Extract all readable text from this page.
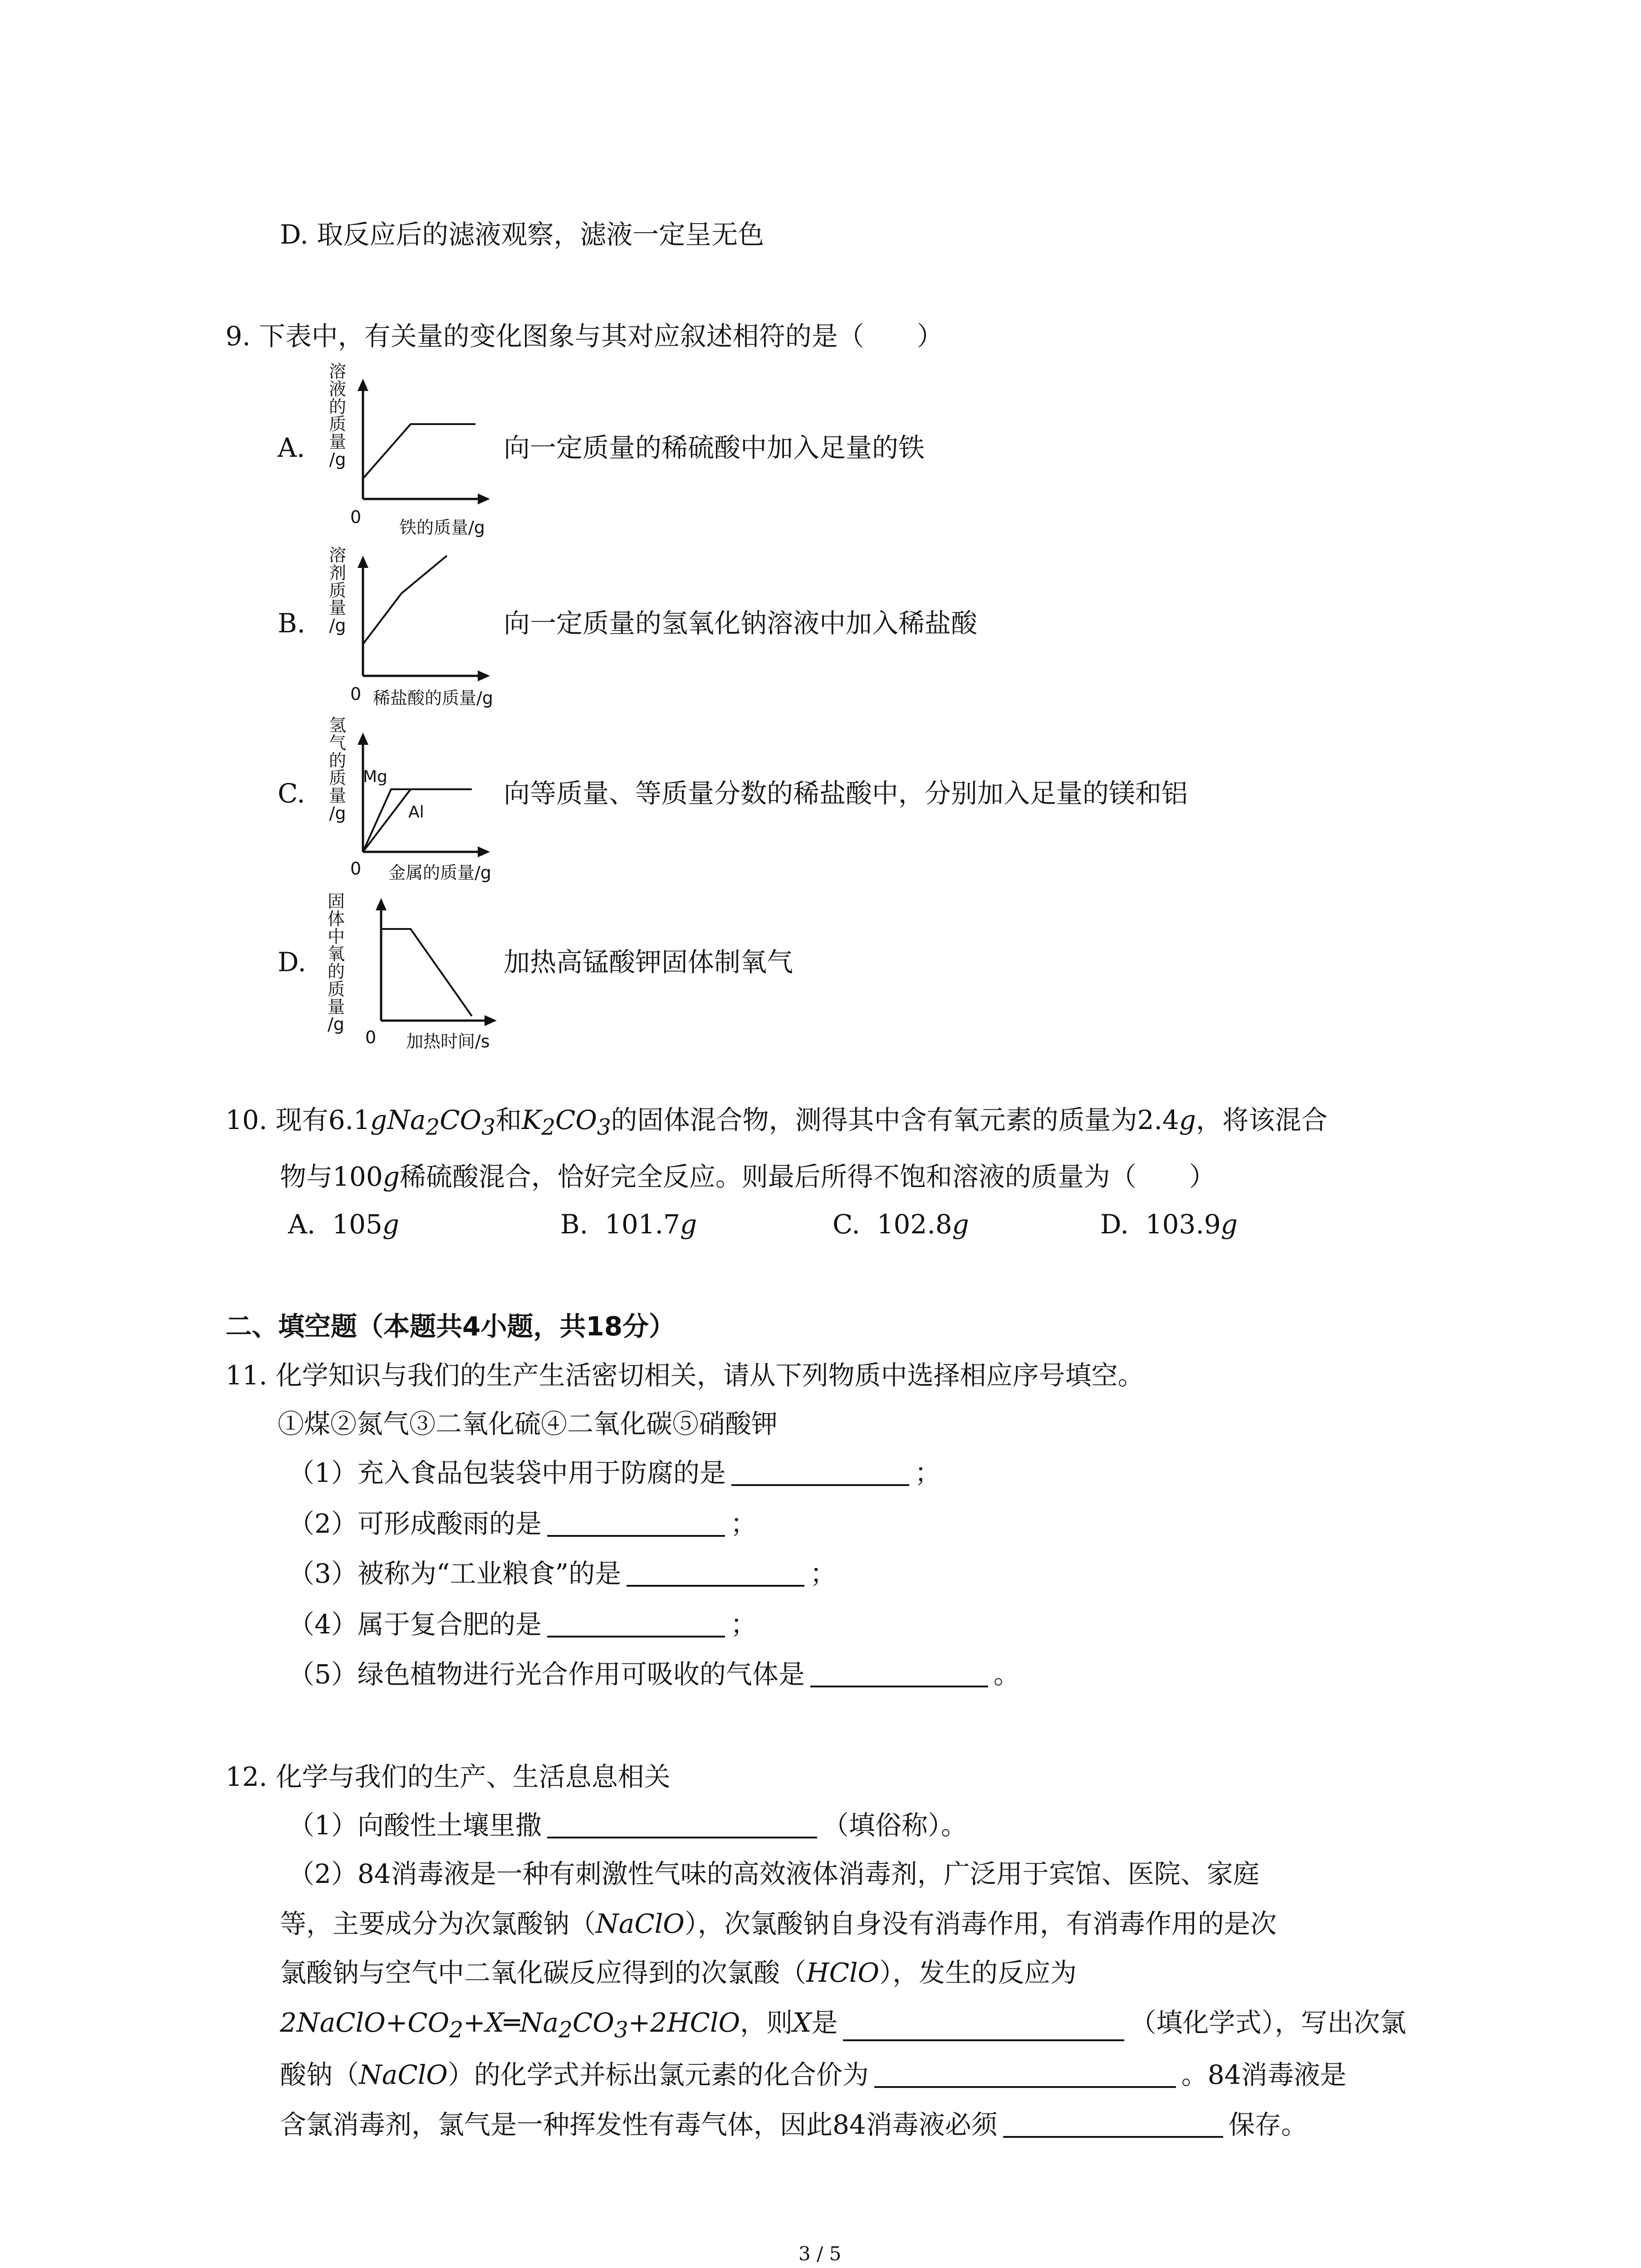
D. 取反应后的滤液观察，滤液一定呈无色
9. 下表中，有关量的变化图象与其对应叙述相符的是（　　）
A.	向一定质量的稀硫酸中加入足量的铁
B.	向一定质量的氢氧化钠溶液中加入稀盐酸
C.	向等质量、等质量分数的稀盐酸中，分别加入足量的镁和铝
D.	加热高锰酸钾固体制氧气
溶
液
的
质
量
/g
0
铁的质量/g
溶
剂
质
量
/g
0 稀盐酸的质量/g
氢
气
的
质
量
/g
Mg
Al
0 金属的质量/g
固
体
中
氧
的
质
量
/g
0 加热时间/s
10. 现有$6.1gNa_2CO_3$和$K_2CO_3$的固体混合物，测得其中含有氧元素的质量为2.4g，将该混合
物与100g稀硫酸混合，恰好完全反应。则最后所得不饱和溶液的质量为（　　）
A. 105g	B. 101.7g	C. 102.8g	D. 103.9g
二、填空题（本题共4小题，共18分）
11. 化学知识与我们的生产生活密切相关，请从下列物质中选择相应序号填空。
①煤②氮气③二氧化硫④二氧化碳⑤硝酸钾
（1）充入食品包装袋中用于防腐的是	；
（2）可形成酸雨的是	；
（3）被称为“工业粮食”的是	；
（4）属于复合肥的是	；
（5）绿色植物进行光合作用可吸收的气体是	。
12. 化学与我们的生产、生活息息相关
（1）向酸性土壤里撒	（填俗称）。
（2）84消毒液是一种有刺激性气味的高效液体消毒剂，广泛用于宾馆、医院、家庭
等，主要成分为次氯酸钠（NaClO），次氯酸钠自身没有消毒作用，有消毒作用的是次
氯酸钠与空气中二氧化碳反应得到的次氯酸（HClO），发生的反应为
$2NaClO+CO_2+X═Na_2CO_3+2HClO$，则X是	（填化学式），写出次氯
酸钠（NaClO）的化学式并标出氯元素的化合价为	。84消毒液是
含氯消毒剂，氯气是一种挥发性有毒气体，因此84消毒液必须	保存。
3 / 5
